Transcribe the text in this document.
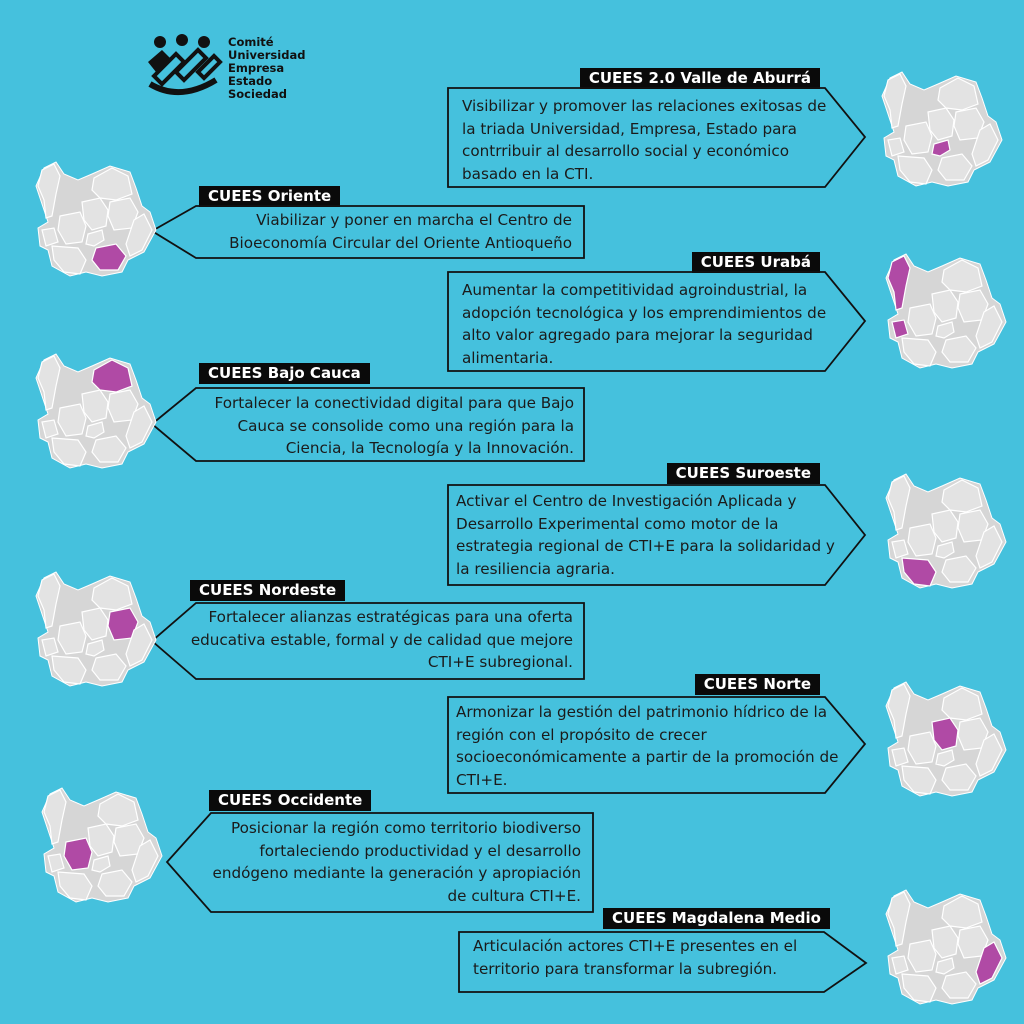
Comité
Universidad
Empresa
Estado
Sociedad
CUEES 2.0 Valle de Aburrá
Visibilizar y promover las relaciones exitosas de la triada Universidad, Empresa, Estado para contrribuir al desarrollo social y económico basado en la CTI.
CUEES Oriente
Viabilizar y poner en marcha el Centro de Bioeconomía Circular del Oriente Antioqueño
CUEES Urabá
Aumentar la competitividad agroindustrial, la adopción tecnológica y los emprendimientos de alto valor agregado para mejorar la seguridad alimentaria.
CUEES Bajo Cauca
Fortalecer la conectividad digital para que Bajo Cauca se consolide como una región para la Ciencia, la Tecnología y la Innovación.
CUEES Suroeste
Activar el Centro de Investigación Aplicada y Desarrollo Experimental como motor de la estrategia regional de CTI+E para la solidaridad y la resiliencia agraria.
CUEES Nordeste
Fortalecer alianzas estratégicas para una oferta educativa estable, formal y de calidad que mejore CTI+E subregional.
CUEES Norte
Armonizar la gestión del patrimonio hídrico de la región con el propósito de crecer socioeconómicamente a partir de la promoción de CTI+E.
CUEES Occidente
Posicionar la región como territorio biodiverso fortaleciendo productividad y el desarrollo endógeno mediante la generación y apropiación de cultura CTI+E.
CUEES Magdalena Medio
Articulación actores CTI+E presentes en el territorio para transformar la subregión.
